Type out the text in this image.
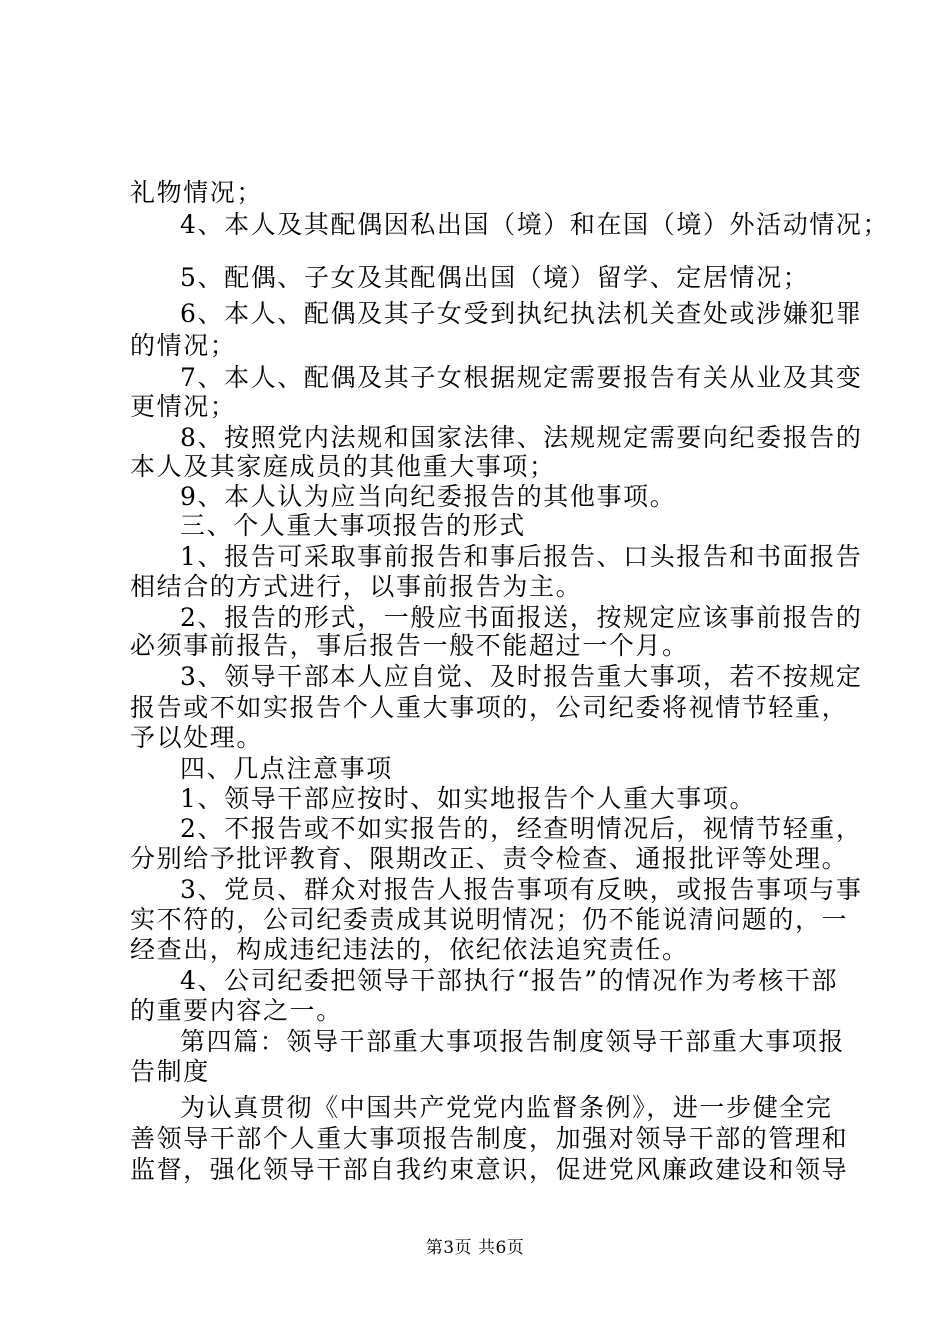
礼物情况；
4、本人及其配偶因私出国（境）和在国（境）外活动情况；
5、配偶、子女及其配偶出国（境）留学、定居情况；
6、本人、配偶及其子女受到执纪执法机关查处或涉嫌犯罪
的情况；
7、本人、配偶及其子女根据规定需要报告有关从业及其变
更情况；
8、按照党内法规和国家法律、法规规定需要向纪委报告的
本人及其家庭成员的其他重大事项；
9、本人认为应当向纪委报告的其他事项。
三、个人重大事项报告的形式
1、报告可采取事前报告和事后报告、口头报告和书面报告
相结合的方式进行，以事前报告为主。
2、报告的形式，一般应书面报送，按规定应该事前报告的
必须事前报告，事后报告一般不能超过一个月。
3、领导干部本人应自觉、及时报告重大事项，若不按规定
报告或不如实报告个人重大事项的，公司纪委将视情节轻重，
予以处理。
四、几点注意事项
1、领导干部应按时、如实地报告个人重大事项。
2、不报告或不如实报告的，经查明情况后，视情节轻重，
分别给予批评教育、限期改正、责令检查、通报批评等处理。
3、党员、群众对报告人报告事项有反映，或报告事项与事
实不符的，公司纪委责成其说明情况；仍不能说清问题的，一
经查出，构成违纪违法的，依纪依法追究责任。
4、公司纪委把领导干部执行“报告”的情况作为考核干部
的重要内容之一。
第四篇：领导干部重大事项报告制度领导干部重大事项报
告制度
为认真贯彻《中国共产党党内监督条例》，进一步健全完
善领导干部个人重大事项报告制度，加强对领导干部的管理和
监督，强化领导干部自我约束意识，促进党风廉政建设和领导
第3页 共6页
